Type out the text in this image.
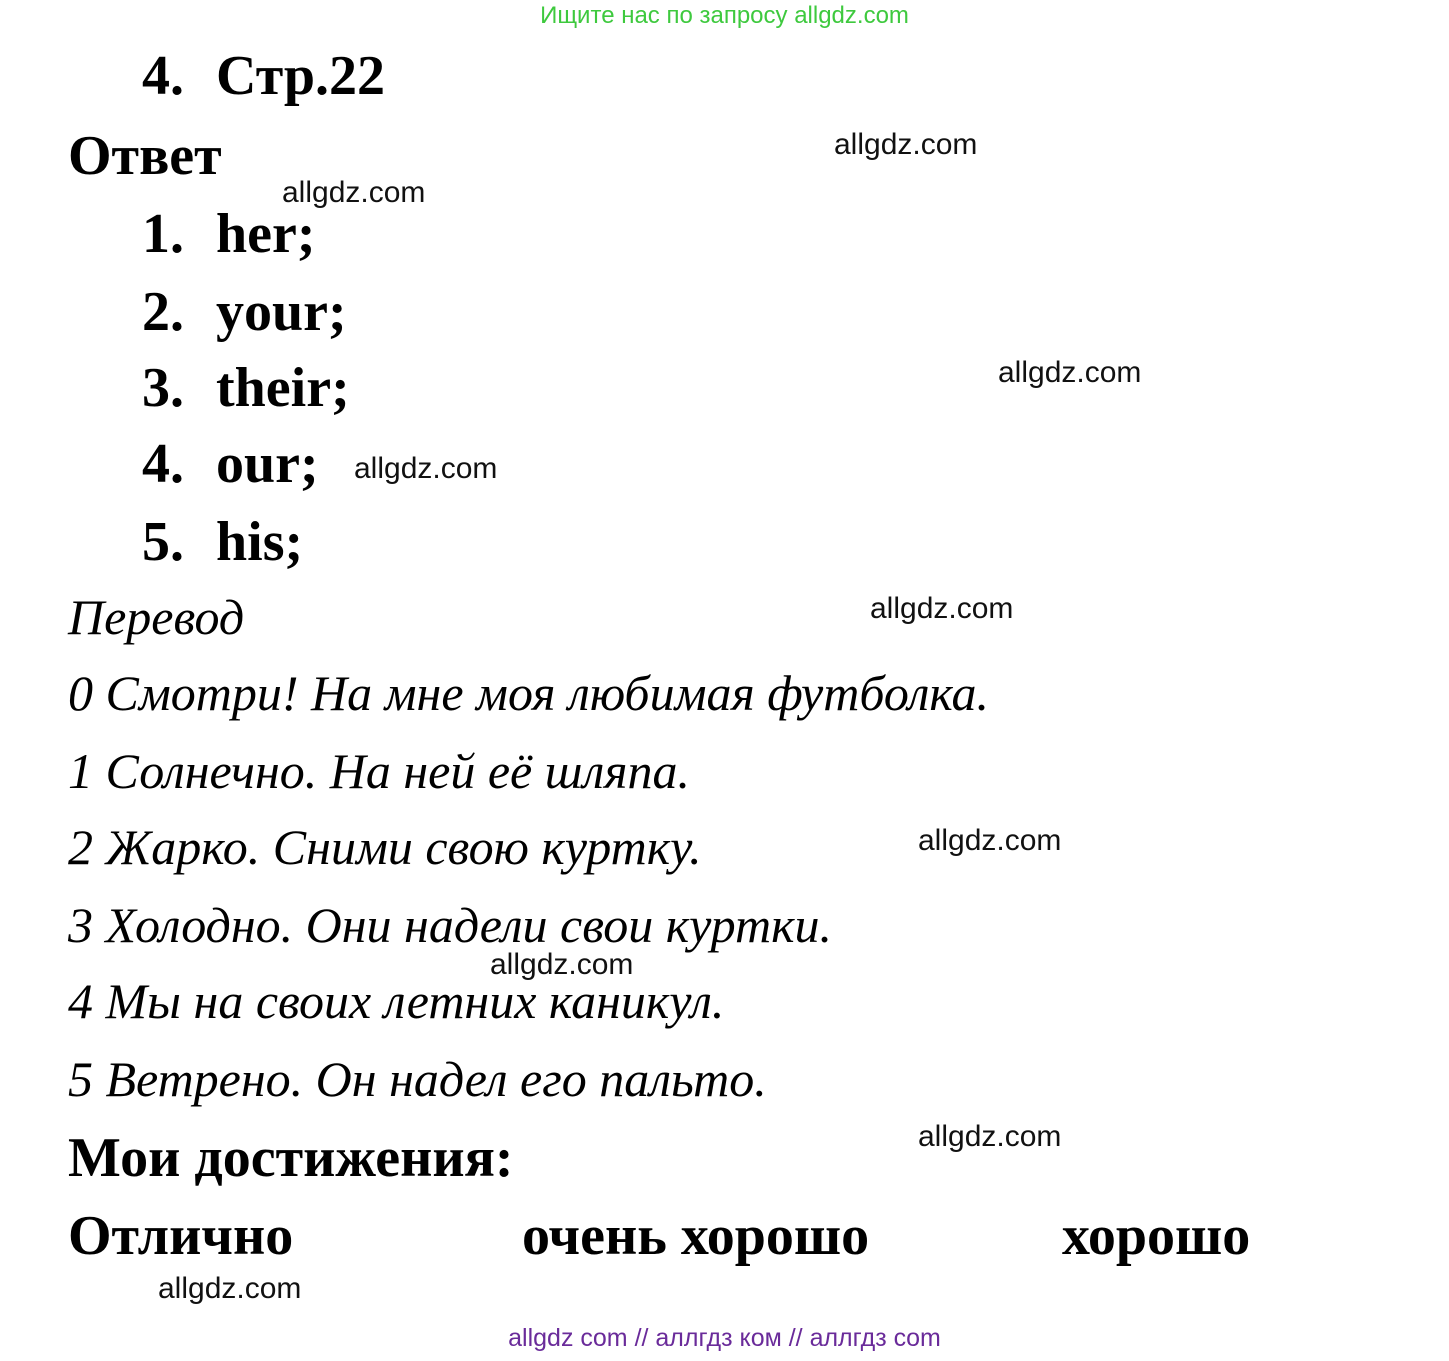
Ищите нас по запросу allgdz.com
4. Стр.22
Ответ
1. her;
2. your;
3. their;
4. our;
5. his;
Перевод
0 Смотри! На мне моя любимая футболка.
1 Солнечно. На ней её шляпа.
2 Жарко. Сними свою куртку.
3 Холодно. Они надели свои куртки.
4 Мы на своих летних каникул.
5 Ветрено. Он надел его пальто.
Мои достижения:
Отлично	очень хорошо	хорошо
allgdz.com
allgdz.com
allgdz.com
allgdz.com
allgdz.com
allgdz.com
allgdz.com
allgdz.com
allgdz.com
allgdz com // аллгдз ком // аллгдз com
